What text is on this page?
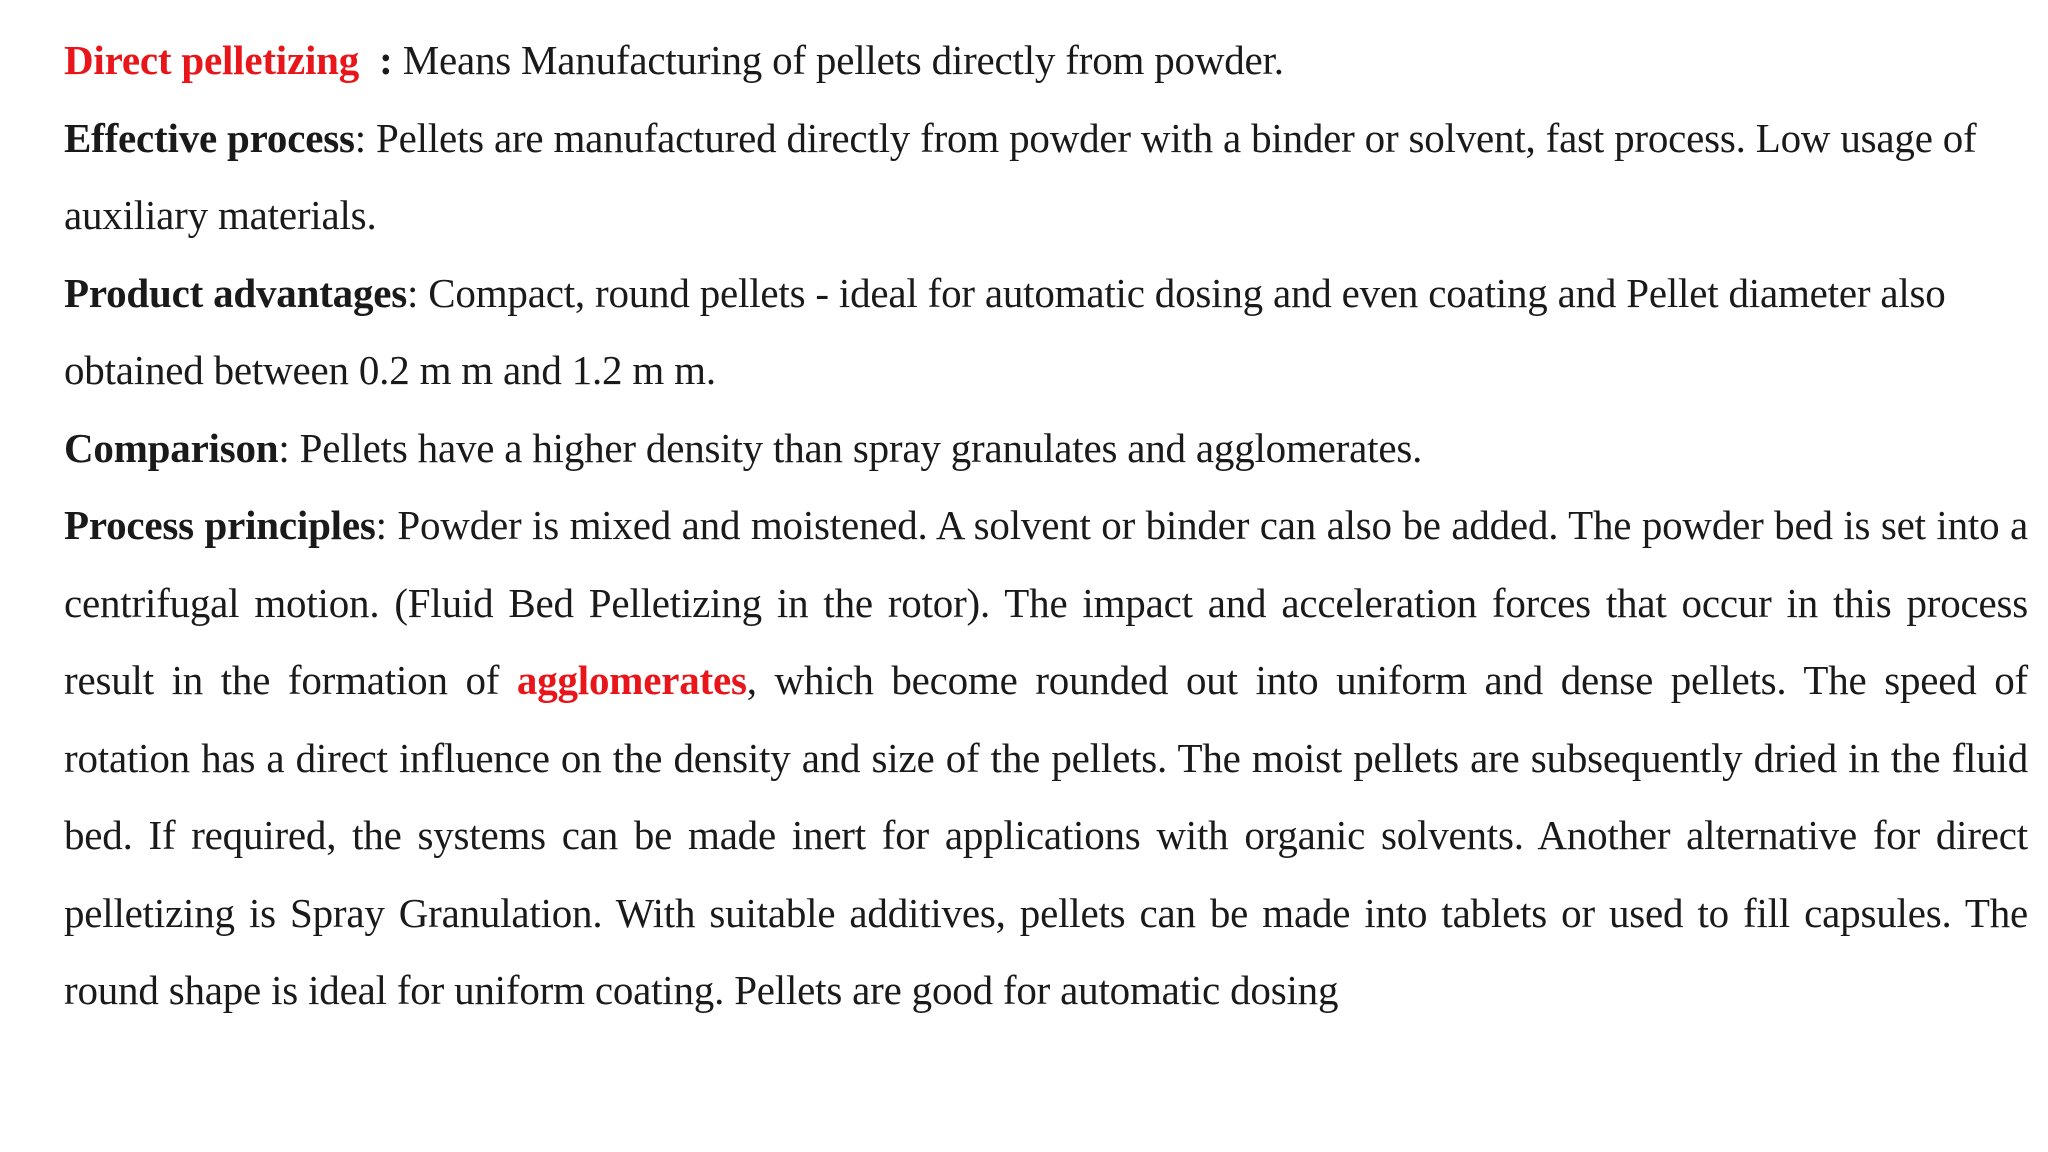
Direct pelletizing  : Means Manufacturing of pellets directly from powder.

Effective process: Pellets are manufactured directly from powder with a binder or solvent, fast process. Low usage of auxiliary materials.

Product advantages: Compact, round pellets - ideal for automatic dosing and even coating and Pellet diameter also obtained between 0.2 m m and 1.2 m m.

Comparison: Pellets have a higher density than spray granulates and agglomerates.

Process principles: Powder is mixed and moistened. A solvent or binder can also be added. The powder bed is set into a centrifugal motion. (Fluid Bed Pelletizing in the rotor). The impact and acceleration forces that occur in this process result in the formation of agglomerates, which become rounded out into uniform and dense pellets. The speed of rotation has a direct influence on the density and size of the pellets. The moist pellets are subsequently dried in the fluid bed. If required, the systems can be made inert for applications with organic solvents. Another alternative for direct pelletizing is Spray Granulation. With suitable additives, pellets can be made into tablets or used to fill capsules. The round shape is ideal for uniform coating. Pellets are good for automatic dosing
